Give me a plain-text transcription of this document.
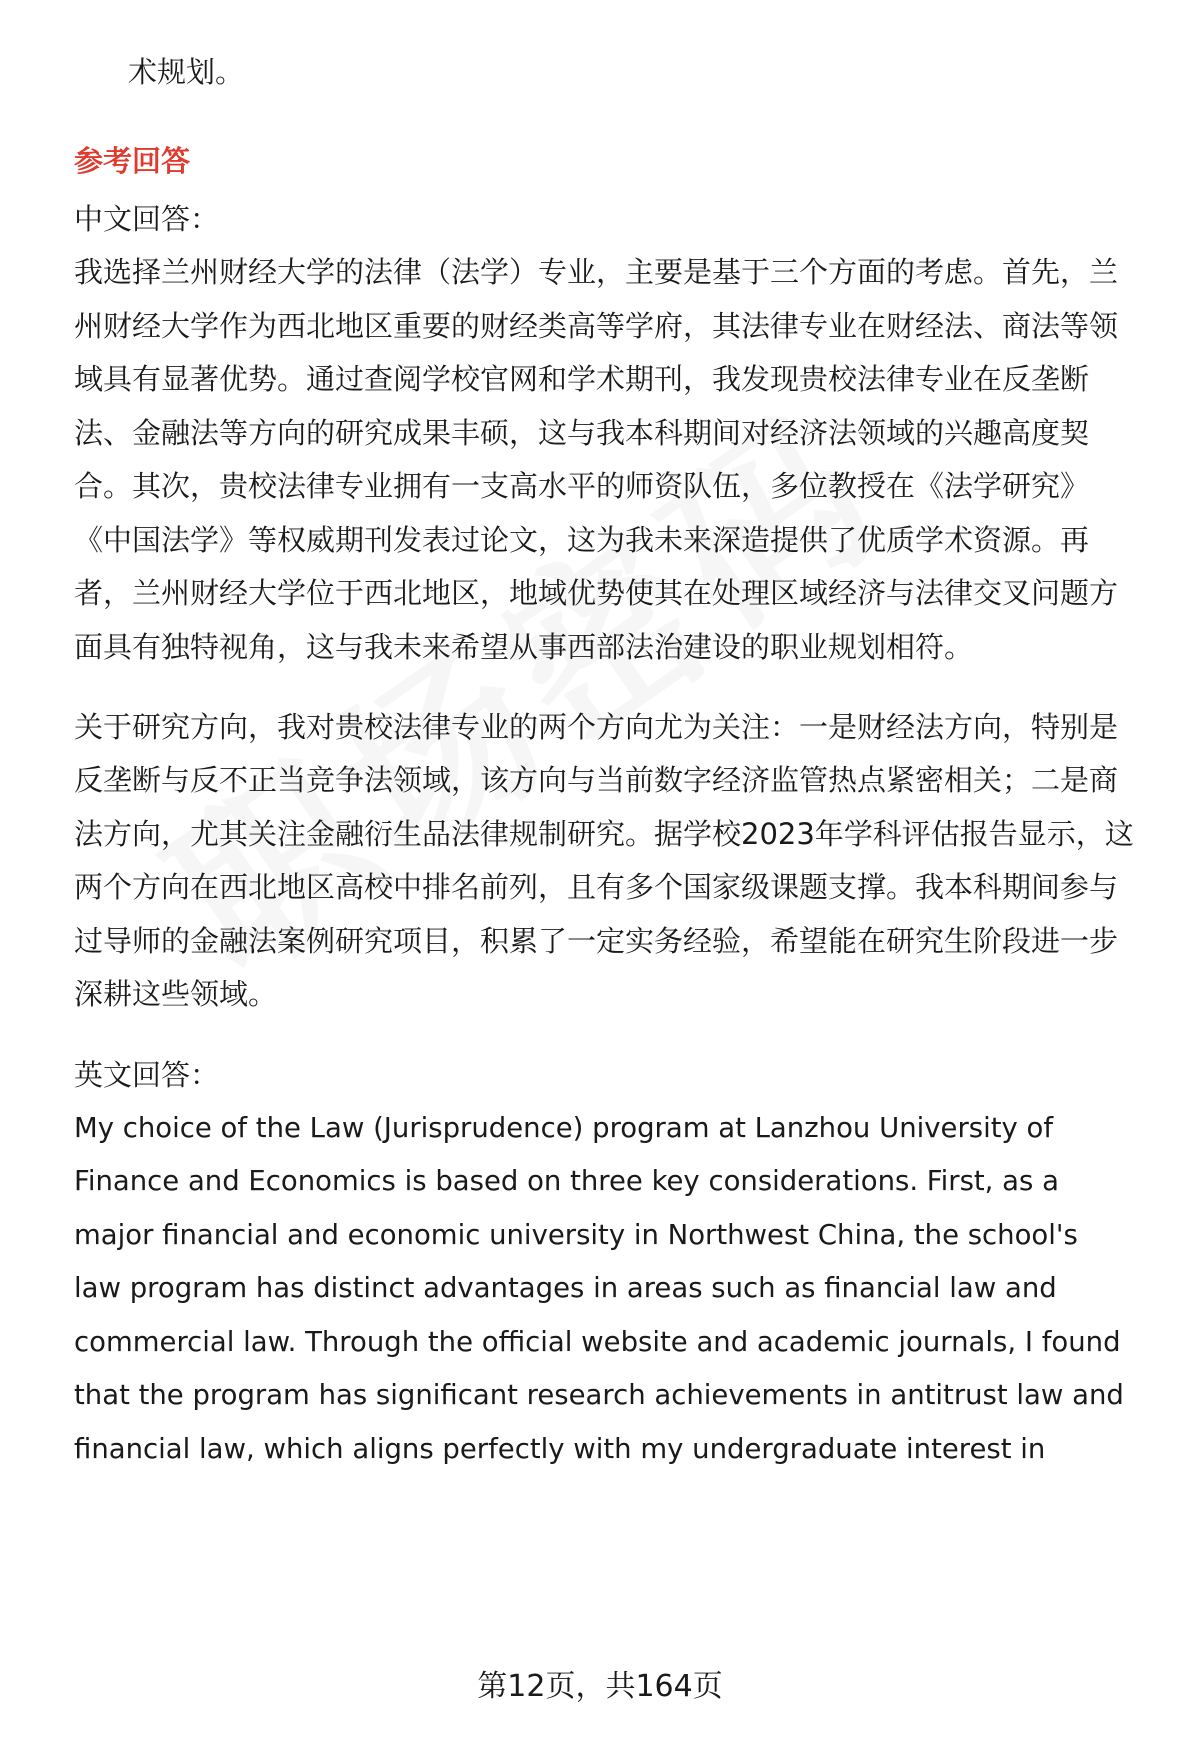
术规划。
参考回答
中文回答：
我选择兰州财经大学的法律（法学）专业，主要是基于三个方面的考虑。首先，兰
州财经大学作为西北地区重要的财经类高等学府，其法律专业在财经法、商法等领
域具有显著优势。通过查阅学校官网和学术期刊，我发现贵校法律专业在反垄断
法、金融法等方向的研究成果丰硕，这与我本科期间对经济法领域的兴趣高度契
合。其次，贵校法律专业拥有一支高水平的师资队伍，多位教授在《法学研究》
《中国法学》等权威期刊发表过论文，这为我未来深造提供了优质学术资源。再
者，兰州财经大学位于西北地区，地域优势使其在处理区域经济与法律交叉问题方
面具有独特视角，这与我未来希望从事西部法治建设的职业规划相符。
关于研究方向，我对贵校法律专业的两个方向尤为关注：一是财经法方向，特别是
反垄断与反不正当竞争法领域，该方向与当前数字经济监管热点紧密相关；二是商
法方向，尤其关注金融衍生品法律规制研究。据学校2023年学科评估报告显示，这
两个方向在西北地区高校中排名前列，且有多个国家级课题支撑。我本科期间参与
过导师的金融法案例研究项目，积累了一定实务经验，希望能在研究生阶段进一步
深耕这些领域。
英文回答：
My choice of the Law (Jurisprudence) program at Lanzhou University of
Finance and Economics is based on three key considerations. First, as a
major financial and economic university in Northwest China, the school's
law program has distinct advantages in areas such as financial law and
commercial law. Through the official website and academic journals, I found
that the program has significant research achievements in antitrust law and
financial law, which aligns perfectly with my undergraduate interest in
第12页，共164页
